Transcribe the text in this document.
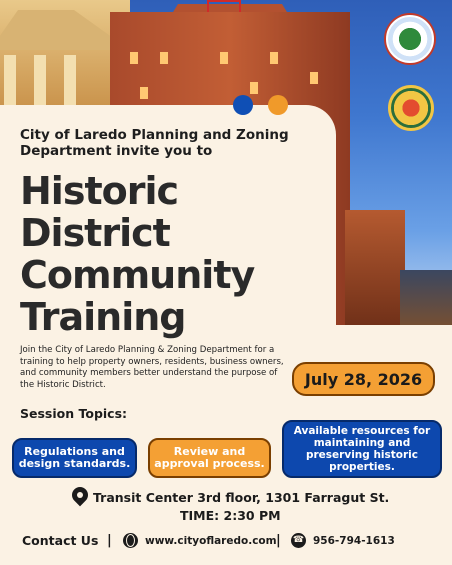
City of Laredo Planning and Zoning Department invite you to
Historic
District
Community
Training
Join the City of Laredo Planning & Zoning Department for a training to help property owners, residents, business owners, and community members better understand the purpose of the Historic District.	July 28, 2026
Session Topics:
Regulations and design standards.
Review and approval process.
Available resources for maintaining and preserving historic properties.
Transit Center 3rd floor, 1301 Farragut St.
TIME: 2:30 PM
Contact Us |	www.cityoflaredo.com | ☎ 956-794-1613
